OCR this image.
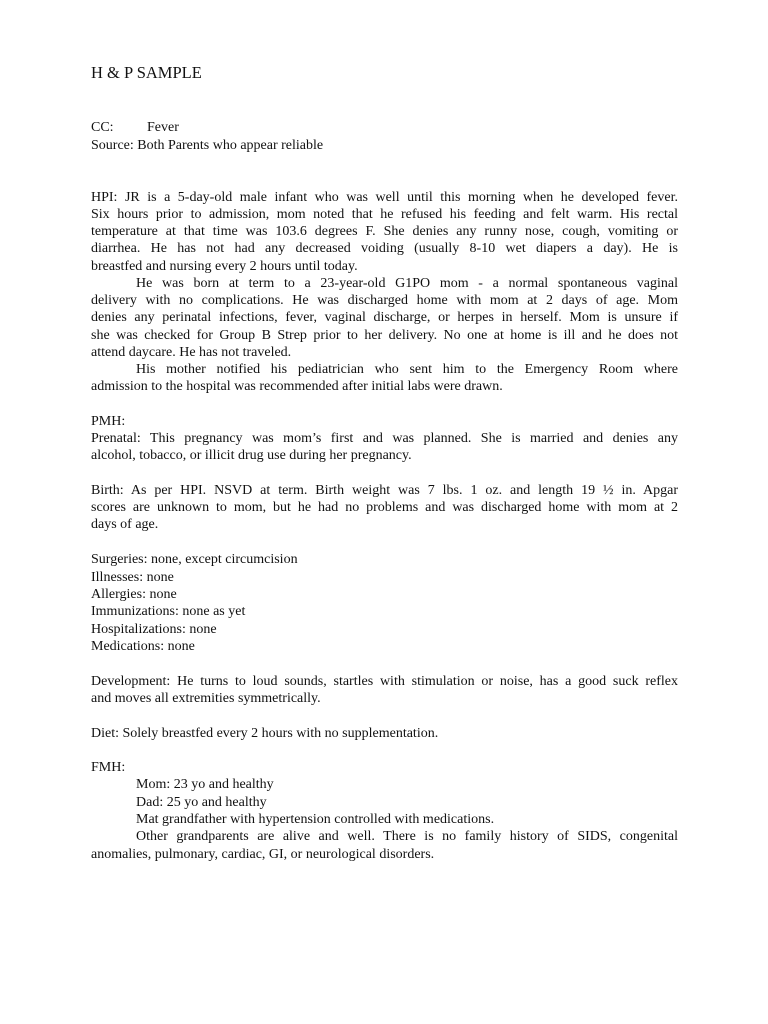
H & P SAMPLE
CC: Fever
Source: Both Parents who appear reliable
HPI: JR is a 5-day-old male infant who was well until this morning when he developed fever.
Six hours prior to admission, mom noted that he refused his feeding and felt warm. His rectal
temperature at that time was 103.6 degrees F. She denies any runny nose, cough, vomiting or
diarrhea. He has not had any decreased voiding (usually 8-10 wet diapers a day). He is
breastfed and nursing every 2 hours until today.
He was born at term to a 23-year-old G1PO mom - a normal spontaneous vaginal
delivery with no complications. He was discharged home with mom at 2 days of age. Mom
denies any perinatal infections, fever, vaginal discharge, or herpes in herself. Mom is unsure if
she was checked for Group B Strep prior to her delivery. No one at home is ill and he does not
attend daycare. He has not traveled.
His mother notified his pediatrician who sent him to the Emergency Room where
admission to the hospital was recommended after initial labs were drawn.
PMH:
Prenatal: This pregnancy was mom’s first and was planned. She is married and denies any
alcohol, tobacco, or illicit drug use during her pregnancy.
Birth: As per HPI. NSVD at term. Birth weight was 7 lbs. 1 oz. and length 19 ½ in. Apgar
scores are unknown to mom, but he had no problems and was discharged home with mom at 2
days of age.
Surgeries: none, except circumcision
Illnesses: none
Allergies: none
Immunizations: none as yet
Hospitalizations: none
Medications: none
Development: He turns to loud sounds, startles with stimulation or noise, has a good suck reflex
and moves all extremities symmetrically.
Diet: Solely breastfed every 2 hours with no supplementation.
FMH:
Mom: 23 yo and healthy
Dad: 25 yo and healthy
Mat grandfather with hypertension controlled with medications.
Other grandparents are alive and well. There is no family history of SIDS, congenital
anomalies, pulmonary, cardiac, GI, or neurological disorders.
